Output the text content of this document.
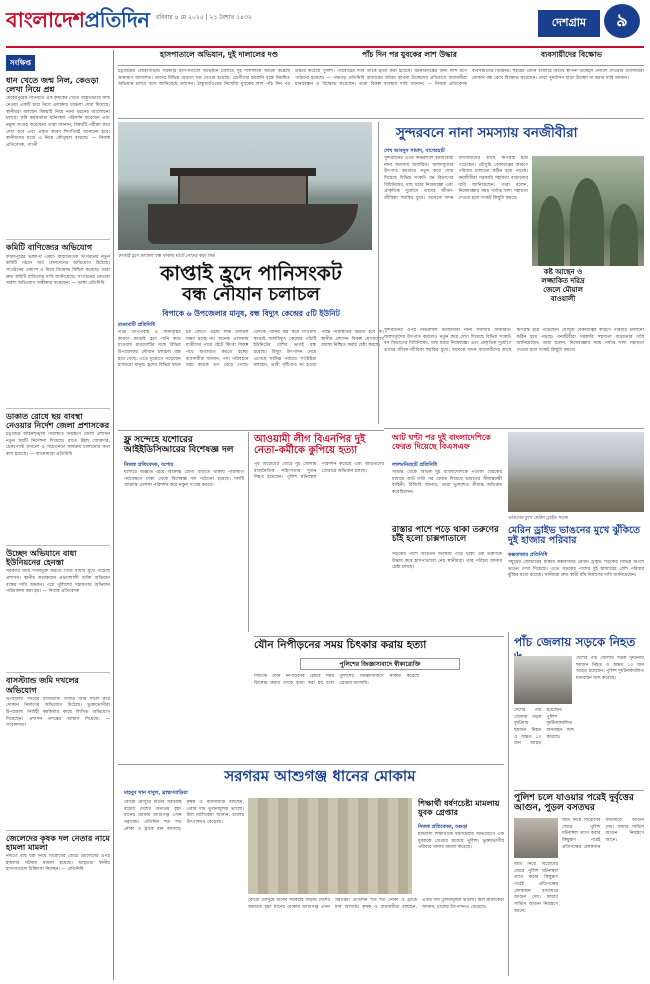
বাংলাদেশপ্রতিদিন রবিবার ৪ মে ২০২৫ | ২১ বৈশাখ ১৪৩২	দেশগ্রাম	৯
হাসপাতালে অভিযান, দুই দালালের দণ্ড	পাঁচ দিন পর যুবকের লাশ উদ্ধার	ব্যবসায়ীদের বিক্ষোভ
চট্টগ্রামের লোহাগাড়ায় সরকারি হাসপাতালে অভিযান চালিয়ে দুই দালালকে আটক করেছে ভ্রাম্যমাণ আদালত। তাদের বিভিন্ন মেয়াদে দণ্ড দেওয়া হয়েছে। রোগীদের হয়রানি বন্ধে নিয়মিত অভিযান চলবে বলে জানিয়েছে প্রশাসন। ঠাকুরগাঁওয়ের নিখোঁজ যুবকের লাশ পাঁচ দিন পর উদ্ধার করেছে পুলিশ। পরিবারের দাবি তাকে হত্যা করা হয়েছে। ময়নাতদন্তের জন্য লাশ মর্গে পাঠানো হয়েছে। — পঞ্চগড় প্রতিনিধি বাজারের অবৈধ স্থাপনা উচ্ছেদের প্রতিবাদে ব্যবসায়ীরা মানববন্ধন ও বিক্ষোভ করেছেন। তারা বিকল্প ব্যবস্থার দাবি জানান। — নিজস্ব প্রতিবেদক ব্যবসায়ীদের বিক্ষোভ: শহরের প্রধান বাজারে অবৈধ স্থাপনা উচ্ছেদে নোটিশ দেওয়ায় ব্যবসায়ীরা দোকান বন্ধ রেখে বিক্ষোভ করেছেন। তারা পুনর্বাসন ছাড়া উচ্ছেদ না করার দাবি জানান।
সংক্ষিপ্ত
ধান খেতে জন্ম নিল, কেওড়া লেখা নিয়ে প্রশ্ন
মেহেরপুরের গাংনীতে এক কৃষকের খেতে অদ্ভুতভাবে জন্ম নেওয়া একটি চারা নিয়ে এলাকায় চাঞ্চল্য দেখা দিয়েছে। স্থানীয়রা বলছেন বিষয়টি নিয়ে নানা ধরনের আলোচনা চলছে। কৃষি কর্মকর্তারা ঘটনাস্থল পরিদর্শন করেছেন এবং নমুনা সংগ্রহ করেছেন। তারা জানান, বিষয়টি পরীক্ষা করে দেখা হবে এবং প্রকৃত কারণ শিগগিরই জানানো হবে। স্থানীয়দের মধ্যে এ নিয়ে কৌতূহল বাড়ছে। — নিজস্ব প্রতিবেদক, গাংনী
কমিটি বাণিজ্যের অভিযোগ
ফরিদপুরের ভাঙ্গা-য় একটি রাজনৈতিক সংগঠনের নতুন কমিটি গঠনে অর্থ লেনদেনের অভিযোগ উঠেছে। সংগঠনের একাংশ এ নিয়ে বিক্ষোভ মিছিল করেছে। তারা দ্রুত কমিটি বাতিলের দাবি জানিয়েছে। সংগঠনের নেতারা অবশ্য অভিযোগ অস্বীকার করেছেন। — ভাঙ্গা প্রতিনিধি
ডাকাত রোধে ছয় বাবস্থা নেওয়ার নির্দেশ জেলা প্রশাসকের
চট্টগ্রামে আইনশৃঙ্খলা পরিস্থিতি নিয়ন্ত্রণে জেলা প্রশাসন নতুন ছয়টি নির্দেশনা দিয়েছে। রাতে টহল জোরদার, চেকপোস্ট বসানো ও সচেতনতা কার্যক্রম চালানোর কথা বলা হয়েছে। — আনোয়ারা প্রতিনিধি
উচ্ছেদ অভিযানে বাধা ইউনিয়নের হেনস্তা
সরকারি জমি দখলমুক্ত করতে গিয়ে বাধার মুখে পড়েছে প্রশাসন। স্থানীয় কয়েকজন প্রভাবশালী ব্যক্তি অভিযান বন্ধের দাবি জানান। পরে পুলিশের সহায়তায় অভিযান পরিচালনা করা হয়। — নিজস্ব প্রতিবেদক
বাসস্ট্যান্ড জমি দখলের অভিযোগ
উপজেলা সদরের বাসস্ট্যান্ড সংলগ্ন জমি দখল করে দোকান নির্মাণের অভিযোগ উঠেছে। ভুক্তভোগীরা উপজেলা নির্বাহী কর্মকর্তার কাছে লিখিত অভিযোগ দিয়েছেন। প্রশাসন তদন্তের আশ্বাস দিয়েছে। — সংবাদদাতা
জেলেদের কৃষক দল নেতার নামে হামলা মামলা
নদীতে মাছ ধরা নিয়ে বিরোধের জেরে জেলেদের ওপর হামলার ঘটনায় মামলা হয়েছে। আহতরা স্থানীয় হাসপাতালে চিকিৎসা নিচ্ছেন। — প্রতিনিধি
কাপ্তাই হ্রদে চলাচল বন্ধ থাকায় ঘাটে নোঙর করা লঞ্চ
কাপ্তাই হ্রদে পানিসংকট
বন্ধ নৌযান চলাচল
বিপাকে ৬ উপজেলার মানুষ, বন্ধ বিদ্যুৎ কেন্দ্রের ৫টি ইউনিট
রাঙামাটি প্রতিনিধি
তীব্র তাপপ্রবাহ ও অনাবৃষ্টির কারণে কাপ্তাই হ্রদে পানি কমে যাওয়ায় রাঙামাটির সঙ্গে বিভিন্ন উপজেলার নৌযান চলাচল বন্ধ হয়ে গেছে। এতে দুর্ভোগে পড়েছেন হাজারো মানুষ। হ্রদের বিভিন্ন স্থানে চর জেগে ওঠায় লঞ্চ চলাচল সম্ভব হচ্ছে না। অনেক এলাকায় যাত্রীদের পায়ে হেঁটে কিংবা বিকল্প পথে যাতায়াত করতে হচ্ছে। ব্যবসায়ীরা জানান, পণ্য পরিবহনে খরচ কয়েক গুণ বেড়ে গেছে। এদিকে পানির স্তর কমে যাওয়ায় কাপ্তাই জলবিদ্যুৎ কেন্দ্রের পাঁচটি ইউনিটের বেশির ভাগই বন্ধ রয়েছে। বিদ্যুৎ উৎপাদন নেমে এসেছে সর্বনিম্ন পর্যায়ে। সংশ্লিষ্টরা বলছেন, ভারী বৃষ্টিপাত না হওয়া পর্যন্ত পরিস্থিতির উন্নতি হবে না। স্থানীয় প্রশাসন বিকল্প যোগাযোগ ব্যবস্থা নিশ্চিত করার চেষ্টা করছে।
সুন্দরবনে নানা সমস্যায় বনজীবীরা
শেখ আবদুস সামাদ, বাগেরহাট
সুন্দরবনের ওপর নির্ভরশীল বনজীবীরা নানা সমস্যায় জর্জরিত। জলদস্যুদের উৎপাত কমলেও নতুন করে দেখা দিয়েছে বিভিন্ন সংকট। বন বিভাগের বিধিনিষেধ, মাছ ধরার নিষেধাজ্ঞা এবং প্রাকৃতিক দুর্যোগে তাদের জীবন-জীবিকা হুমকির মুখে। অনেকে দাদন ব্যবসায়ীদের কাছে ঋণগ্রস্ত হয়ে পড়েছেন। মৌসুমি বেকারত্বের কারণে পরিবার চালানো কঠিন হয়ে পড়ছে। বনজীবীরা সরকারি সহায়তা বাড়ানোর দাবি জানিয়েছেন। তারা বলেন, নিষেধাজ্ঞার সময় পর্যাপ্ত খাদ্য সহায়তা দেওয়া হলে সংকট কিছুটা কমবে।
কষ্ট আছেন ও লজ্জাকিত দরিদ্র জেলে মৌয়াল বাওয়ালী
সুন্দরবনের ওপর নির্ভরশীল বনজীবীরা নানা সমস্যায় জর্জরিত। জলদস্যুদের উৎপাত কমলেও নতুন করে দেখা দিয়েছে বিভিন্ন সংকট। বন বিভাগের বিধিনিষেধ, মাছ ধরার নিষেধাজ্ঞা এবং প্রাকৃতিক দুর্যোগে তাদের জীবন-জীবিকা হুমকির মুখে। অনেকে দাদন ব্যবসায়ীদের কাছে ঋণগ্রস্ত হয়ে পড়েছেন। মৌসুমি বেকারত্বের কারণে পরিবার চালানো কঠিন হয়ে পড়ছে। বনজীবীরা সরকারি সহায়তা বাড়ানোর দাবি জানিয়েছেন। তারা বলেন, নিষেধাজ্ঞার সময় পর্যাপ্ত খাদ্য সহায়তা দেওয়া হলে সংকট কিছুটা কমবে।
আট ঘণ্টা পর দুই বাংলাদেশিকে ফেরত দিয়েছে বিএসএফ
লালমনিরহাট প্রতিনিধি
সীমান্ত থেকে আটক দুই বাংলাদেশিকে পতাকা বৈঠকের মাধ্যমে আট ঘণ্টা পর ফেরত দিয়েছে ভারতের সীমান্তরক্ষী বাহিনী। বিজিবি জানায়, তারা ভুলবশত সীমান্ত অতিক্রম করেছিলেন।
ভাঙনের মুখে মেরিন ড্রাইভ সড়ক
মেরিন ড্রাইভ ভাঙনের মুখে ঝুঁকিতে দুই হাজার পরিবার
কক্সবাজার প্রতিনিধি
সমুদ্রের জোয়ারের ধাক্কায় কক্সবাজার মেরিন ড্রাইভ সড়কের বিভিন্ন অংশে ভাঙন দেখা দিয়েছে। এতে সড়কের পাশের দুই হাজারের বেশি পরিবার ঝুঁকির মধ্যে রয়েছে। স্থানীয়রা দ্রুত স্থায়ী বাঁধ নির্মাণের দাবি জানিয়েছেন।
ফ্লু সন্দেহে যশোরের আইইডিসিআরের বিশেষজ্ঞ দল
নিজস্ব প্রতিবেদক, যশোর
যশোরে অজ্ঞাত জ্বরে আক্রান্ত রোগী বাড়তে থাকায় পরিস্থিতি পর্যবেক্ষণে ঢাকা থেকে বিশেষজ্ঞ দল পাঠানো হয়েছে। দলটি আক্রান্ত এলাকা পরিদর্শন করে নমুনা সংগ্রহ করবে।
আওয়ামী লীগ বিএনপির দুই নেতা-কর্মীকে কুপিয়ে হত্যা
পূর্ব বিরোধের জেরে দুই জেলায় রাজনৈতিক সহিংসতায় দুজন নিহত হয়েছেন। পুলিশ ঘটনাস্থল পরিদর্শন করেছে এবং জড়িতদের গ্রেপ্তারে অভিযান চলছে।
রাস্তার পাশে পড়ে থাকা তরুণের চাঁই হলো চাক্সপাতালে
সড়কের পাশে অচেতন অবস্থায় পড়ে থাকা এক তরুণকে উদ্ধার করে হাসপাতালে নেয় স্থানীয়রা। তার পরিচয় জানার চেষ্টা চলছে।
যৌন নিপীড়নের সময় চিৎকার করায় হত্যা
পুলিশের জিজ্ঞাসাবাদে স্বীকারোক্তি
শিশুকে যৌন নিপীড়নের চেষ্টার সময় চিৎকার করায় তাকে হত্যা করা হয় বলে পুলিশের জিজ্ঞাসাবাদে স্বীকার করেছে গ্রেপ্তার আসামি।
সরগরম আশুগঞ্জ ধানের মোকাম
মাহবুব খান বাবুল, ব্রাহ্মণবাড়িয়া
বোরো মৌসুমে ধানের সরবরাহ বাড়ায় দেশের অন্যতম বৃহৎ ধানের মোকাম আশুগঞ্জ এখন সরগরম। প্রতিদিন শত শত নৌকা ও ট্রাকে ধান আসছে। কৃষক ও ব্যবসায়ীরা বলছেন, এবার দাম তুলনামূলক ভালো। মিল মালিকেরা জানান, চালের উৎপাদনও বেড়েছে।
বোরো মৌসুমে ধানের সরবরাহ বাড়ায় দেশের অন্যতম বৃহৎ ধানের মোকাম আশুগঞ্জ এখন সরগরম। প্রতিদিন শত শত নৌকা ও ট্রাকে ধান আসছে। কৃষক ও ব্যবসায়ীরা বলছেন, এবার দাম তুলনামূলক ভালো। মিল মালিকেরা জানান, চালের উৎপাদনও বেড়েছে।
শিক্ষার্থী ধর্ষণচেষ্টা মামলায় যুবক গ্রেপ্তার
নিজস্ব প্রতিবেদক, বগুড়া
মাদরাসা শিক্ষার্থীকে ধর্ষণচেষ্টার অভিযোগে এক যুবককে গ্রেপ্তার করেছে পুলিশ। ভুক্তভোগীর পরিবার থানায় মামলা করেছে।
পাঁচ জেলায় সড়কে নিহত
দেশের পাঁচ জেলায় সড়ক দুর্ঘটনায় ছয়জন নিহত ও অন্তত ১০ জন আহত হয়েছেন। পুলিশ দুর্ঘটনাকবলিত যানবাহন জব্দ করেছে।
দেশের পাঁচ জেলায় সড়ক দুর্ঘটনায় ছয়জন নিহত ও অন্তত ১০ জন আহত হয়েছেন। পুলিশ দুর্ঘটনাকবলিত যানবাহন জব্দ করেছে।
পুলিশ চলে যাওয়ার পরেই দুর্বৃত্তের আগুন, পুড়ল বসতঘর
জমি নিয়ে বিরোধের জেরে পুলিশ ঘটনাস্থল ত্যাগ করার কিছুক্ষণ পরেই প্রতিপক্ষের লোকজন বসতঘরে আগুন দেয়। ফায়ার সার্ভিস আগুন নিয়ন্ত্রণে আনে।
জমি নিয়ে বিরোধের জেরে পুলিশ ঘটনাস্থল ত্যাগ করার কিছুক্ষণ পরেই প্রতিপক্ষের লোকজন বসতঘরে আগুন দেয়। ফায়ার সার্ভিস আগুন নিয়ন্ত্রণে আনে।
